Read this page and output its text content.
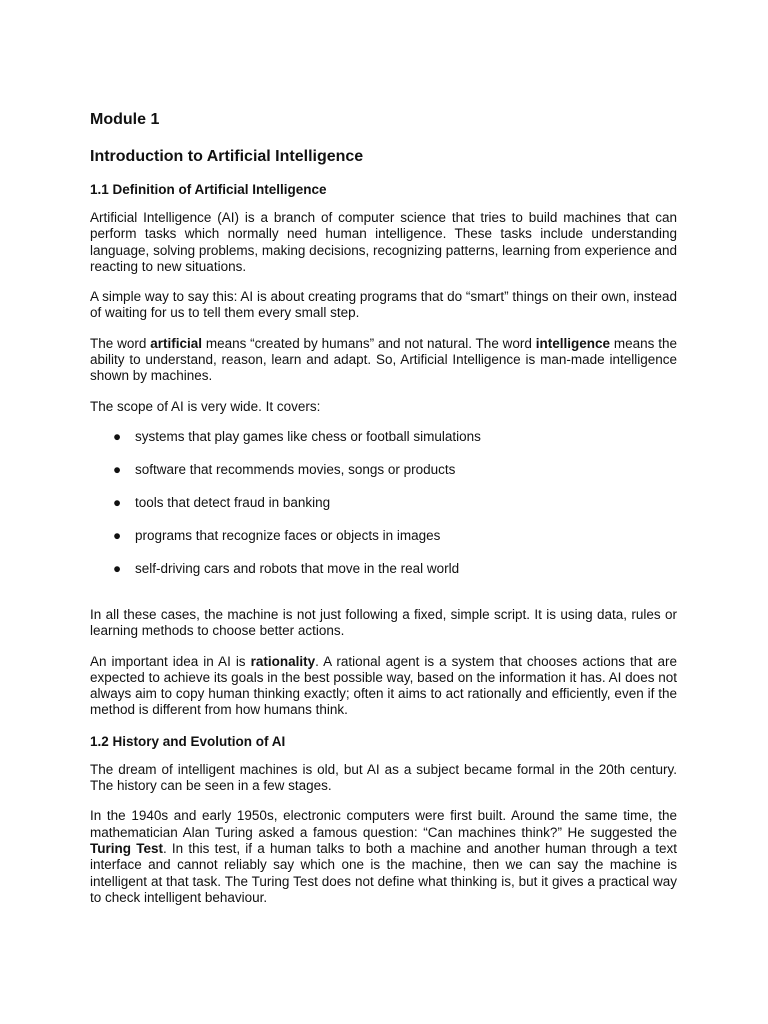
Module 1
Introduction to Artificial Intelligence
1.1 Definition of Artificial Intelligence

Artificial Intelligence (AI) is a branch of computer science that tries to build machines that can perform tasks which normally need human intelligence. These tasks include understanding language, solving problems, making decisions, recognizing patterns, learning from experience and reacting to new situations.

A simple way to say this: AI is about creating programs that do “smart” things on their own, instead of waiting for us to tell them every small step.

The word artificial means “created by humans” and not natural. The word intelligence means the ability to understand, reason, learn and adapt. So, Artificial Intelligence is man-made intelligence shown by machines.

The scope of AI is very wide. It covers:

● systems that play games like chess or football simulations
● software that recommends movies, songs or products
● tools that detect fraud in banking
● programs that recognize faces or objects in images
● self-driving cars and robots that move in the real world

In all these cases, the machine is not just following a fixed, simple script. It is using data, rules or learning methods to choose better actions.

An important idea in AI is rationality. A rational agent is a system that chooses actions that are expected to achieve its goals in the best possible way, based on the information it has. AI does not always aim to copy human thinking exactly; often it aims to act rationally and efficiently, even if the method is different from how humans think.

1.2 History and Evolution of AI

The dream of intelligent machines is old, but AI as a subject became formal in the 20th century. The history can be seen in a few stages.

In the 1940s and early 1950s, electronic computers were first built. Around the same time, the mathematician Alan Turing asked a famous question: “Can machines think?” He suggested the Turing Test. In this test, if a human talks to both a machine and another human through a text interface and cannot reliably say which one is the machine, then we can say the machine is intelligent at that task. The Turing Test does not define what thinking is, but it gives a practical way to check intelligent behaviour.
